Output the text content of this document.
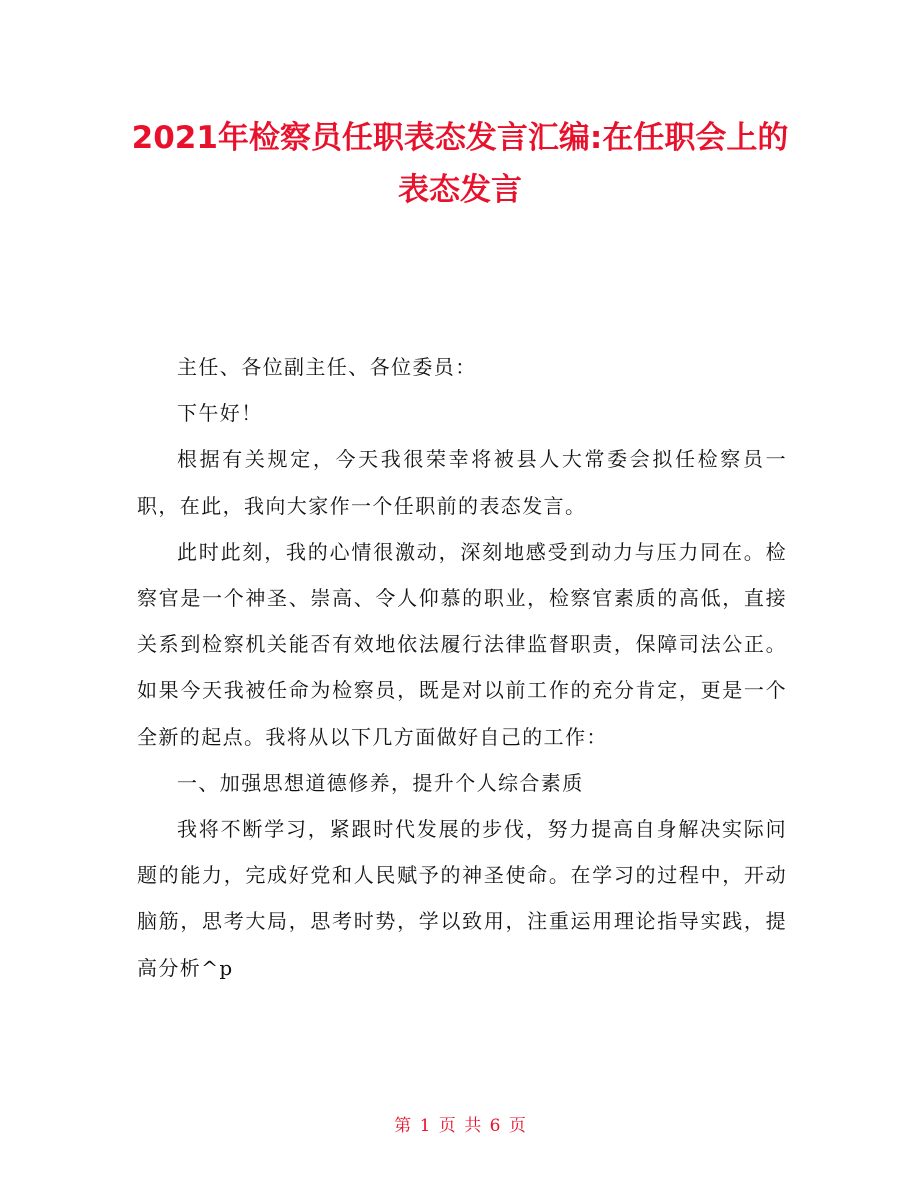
2021年检察员任职表态发言汇编:在任职会上的表态发言

主任、各位副主任、各位委员：

下午好！

根据有关规定，今天我很荣幸将被县人大常委会拟任检察员一职，在此，我向大家作一个任职前的表态发言。

此时此刻，我的心情很激动，深刻地感受到动力与压力同在。检察官是一个神圣、崇高、令人仰慕的职业，检察官素质的高低，直接关系到检察机关能否有效地依法履行法律监督职责，保障司法公正。如果今天我被任命为检察员，既是对以前工作的充分肯定，更是一个全新的起点。我将从以下几方面做好自己的工作：

一、加强思想道德修养，提升个人综合素质

我将不断学习，紧跟时代发展的步伐，努力提高自身解决实际问题的能力，完成好党和人民赋予的神圣使命。在学习的过程中，开动脑筋，思考大局，思考时势，学以致用，注重运用理论指导实践，提高分析^p

第 1 页 共 6 页
